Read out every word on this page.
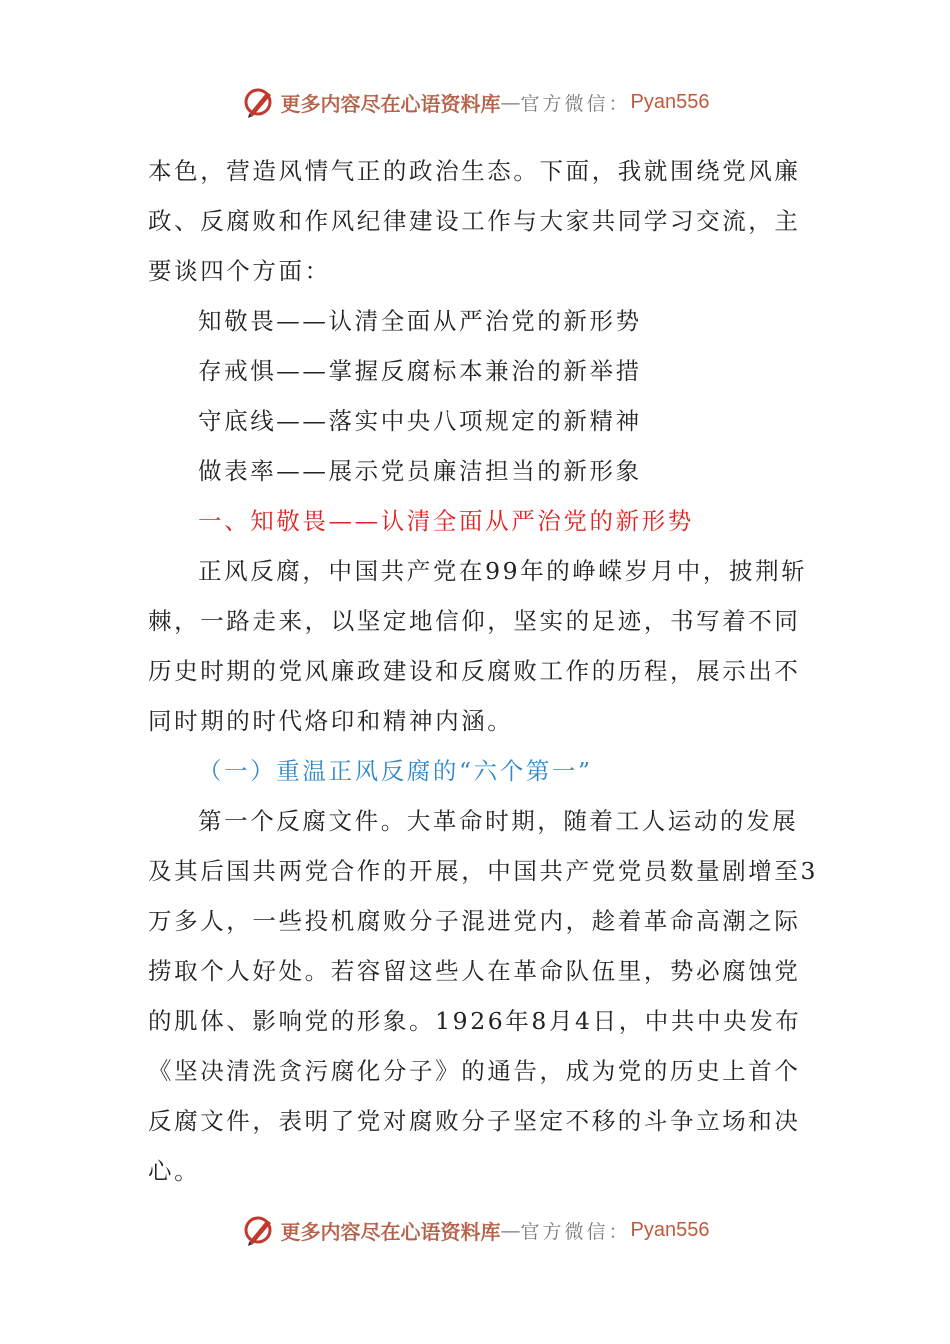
更多内容尽在心语资料库 — 官方微信： Pyan556
本色，营造风情气正的政治生态。下面，我就围绕党风廉
政、反腐败和作风纪律建设工作与大家共同学习交流，主
要谈四个方面：
知敬畏——认清全面从严治党的新形势
存戒惧——掌握反腐标本兼治的新举措
守底线——落实中央八项规定的新精神
做表率——展示党员廉洁担当的新形象
一、知敬畏——认清全面从严治党的新形势
正风反腐，中国共产党在99年的峥嵘岁月中，披荆斩
棘，一路走来，以坚定地信仰，坚实的足迹，书写着不同
历史时期的党风廉政建设和反腐败工作的历程，展示出不
同时期的时代烙印和精神内涵。
（一）重温正风反腐的“六个第一”
第一个反腐文件。大革命时期，随着工人运动的发展
及其后国共两党合作的开展，中国共产党党员数量剧增至3
万多人，一些投机腐败分子混进党内，趁着革命高潮之际
捞取个人好处。若容留这些人在革命队伍里，势必腐蚀党
的肌体、影响党的形象。1926年8月4日，中共中央发布
《坚决清洗贪污腐化分子》的通告，成为党的历史上首个
反腐文件，表明了党对腐败分子坚定不移的斗争立场和决
心。
更多内容尽在心语资料库 — 官方微信： Pyan556
